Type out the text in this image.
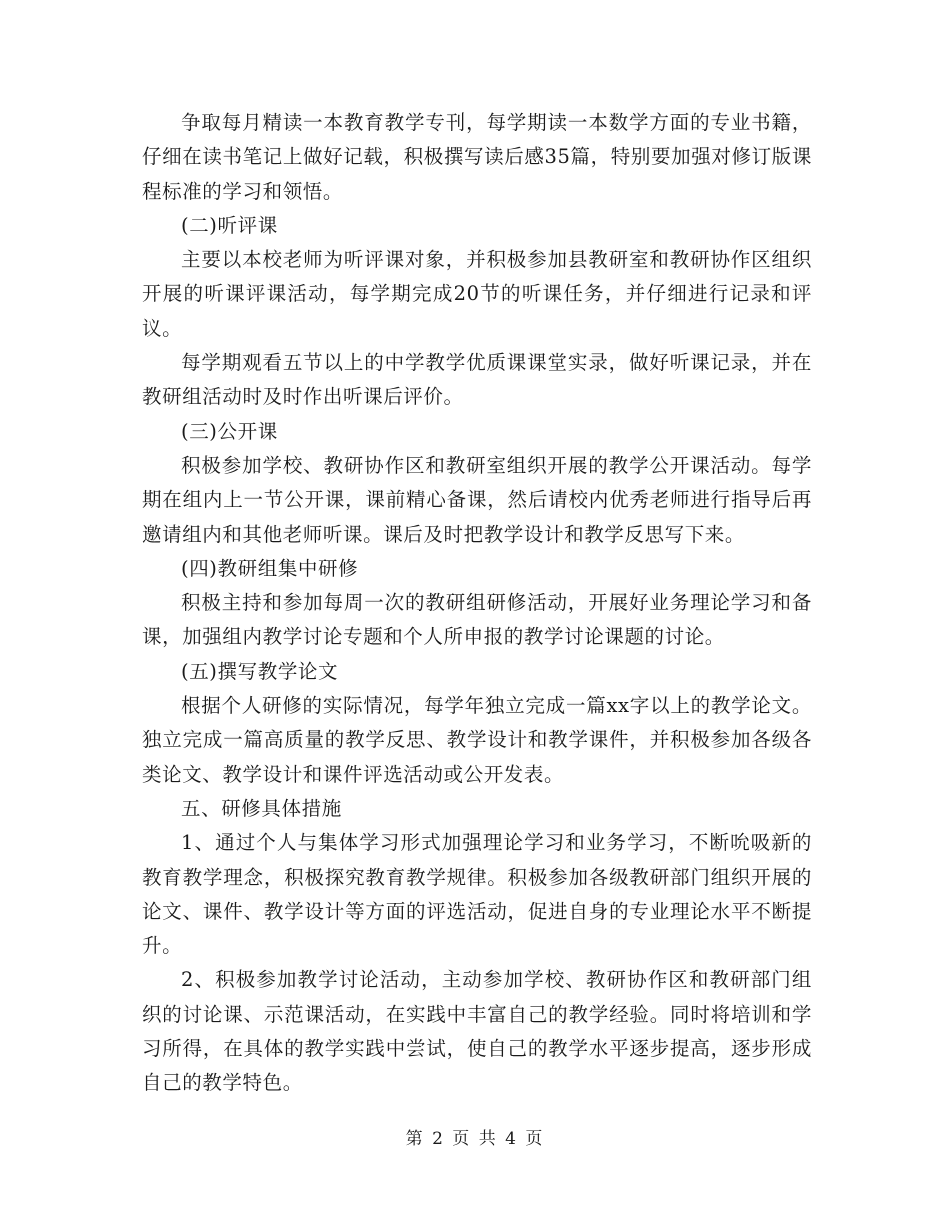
争取每月精读一本教育教学专刊，每学期读一本数学方面的专业书籍，仔细在读书笔记上做好记载，积极撰写读后感35篇，特别要加强对修订版课程标准的学习和领悟。

(二)听评课

主要以本校老师为听评课对象，并积极参加县教研室和教研协作区组织开展的听课评课活动，每学期完成20节的听课任务，并仔细进行记录和评议。

每学期观看五节以上的中学教学优质课课堂实录，做好听课记录，并在教研组活动时及时作出听课后评价。

(三)公开课

积极参加学校、教研协作区和教研室组织开展的教学公开课活动。每学期在组内上一节公开课，课前精心备课，然后请校内优秀老师进行指导后再邀请组内和其他老师听课。课后及时把教学设计和教学反思写下来。

(四)教研组集中研修

积极主持和参加每周一次的教研组研修活动，开展好业务理论学习和备课，加强组内教学讨论专题和个人所申报的教学讨论课题的讨论。

(五)撰写教学论文

根据个人研修的实际情况，每学年独立完成一篇xx字以上的教学论文。独立完成一篇高质量的教学反思、教学设计和教学课件，并积极参加各级各类论文、教学设计和课件评选活动或公开发表。

五、研修具体措施

1、通过个人与集体学习形式加强理论学习和业务学习，不断吮吸新的教育教学理念，积极探究教育教学规律。积极参加各级教研部门组织开展的论文、课件、教学设计等方面的评选活动，促进自身的专业理论水平不断提升。

2、积极参加教学讨论活动，主动参加学校、教研协作区和教研部门组织的讨论课、示范课活动，在实践中丰富自己的教学经验。同时将培训和学习所得，在具体的教学实践中尝试，使自己的教学水平逐步提高，逐步形成自己的教学特色。

第 2 页 共 4 页
